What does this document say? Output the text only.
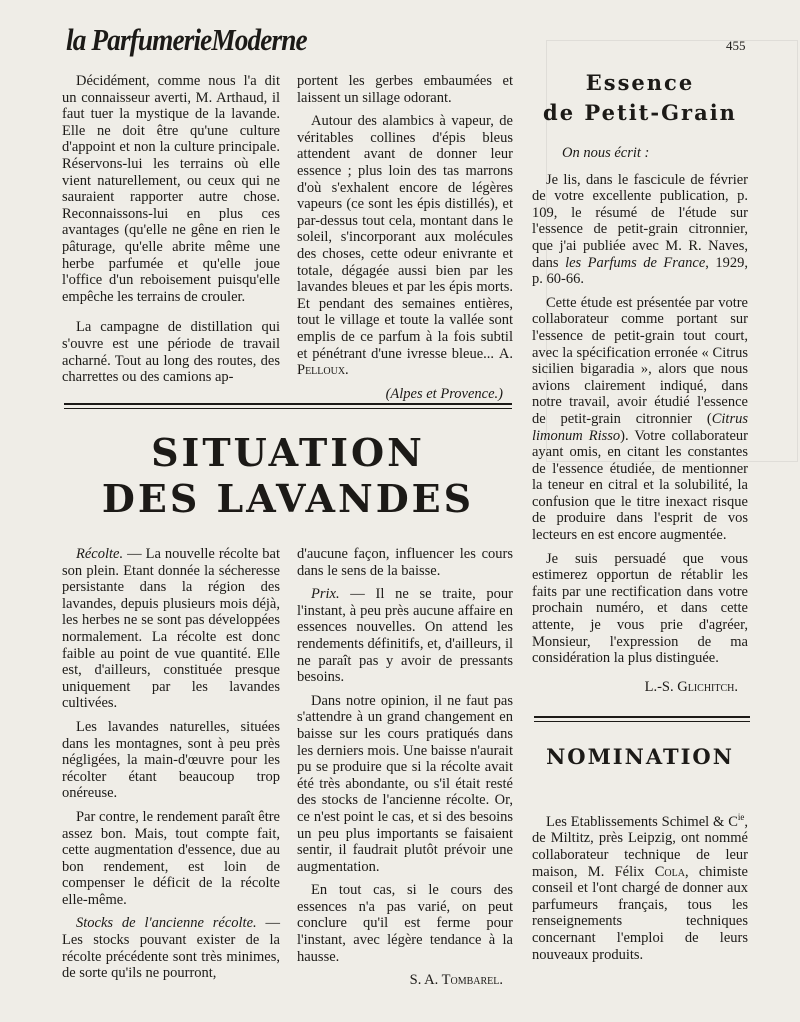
la ParfumerieModerne	455

Décidément, comme nous l'a dit un connaisseur averti, M. Arthaud, il faut tuer la mystique de la lavande. Elle ne doit être qu'une culture d'appoint et non la culture principale. Réservons-lui les terrains où elle vient naturellement, ou ceux qui ne sauraient rapporter autre chose. Reconnaissons-lui en plus ces avantages (qu'elle ne gêne en rien le pâturage, qu'elle abrite même une herbe parfumée et qu'elle joue l'office d'un reboisement puisqu'elle empêche les terrains de crouler.

La campagne de distillation qui s'ouvre est une période de travail acharné. Tout au long des routes, des charrettes ou des camions ap-

portent les gerbes embaumées et laissent un sillage odorant.

Autour des alambics à vapeur, de véritables collines d'épis bleus attendent avant de donner leur essence ; plus loin des tas marrons d'où s'exhalent encore de légères vapeurs (ce sont les épis distillés), et par-dessus tout cela, montant dans le soleil, s'incorporant aux molécules des choses, cette odeur enivrante et totale, dégagée aussi bien par les lavandes bleues et par les épis morts. Et pendant des semaines entières, tout le village et toute la vallée sont emplis de ce parfum à la fois subtil et pénétrant d'une ivresse bleue... A. Pelloux.

(Alpes et Provence.)

SITUATION
DES LAVANDES

Récolte. — La nouvelle récolte bat son plein. Etant donnée la sécheresse persistante dans la région des lavandes, depuis plusieurs mois déjà, les herbes ne se sont pas développées normalement. La récolte est donc faible au point de vue quantité. Elle est, d'ailleurs, constituée presque uniquement par les lavandes cultivées.

Les lavandes naturelles, situées dans les montagnes, sont à peu près négligées, la main-d'œuvre pour les récolter étant beaucoup trop onéreuse.

Par contre, le rendement paraît être assez bon. Mais, tout compte fait, cette augmentation d'essence, due au bon rendement, est loin de compenser le déficit de la récolte elle-même.

Stocks de l'ancienne récolte. — Les stocks pouvant exister de la récolte précédente sont très minimes, de sorte qu'ils ne pourront,

d'aucune façon, influencer les cours dans le sens de la baisse.

Prix. — Il ne se traite, pour l'instant, à peu près aucune affaire en essences nouvelles. On attend les rendements définitifs, et, d'ailleurs, il ne paraît pas y avoir de pressants besoins.

Dans notre opinion, il ne faut pas s'attendre à un grand changement en baisse sur les cours pratiqués dans les derniers mois. Une baisse n'aurait pu se produire que si la récolte avait été très abondante, ou s'il était resté des stocks de l'ancienne récolte. Or, ce n'est point le cas, et si des besoins un peu plus importants se faisaient sentir, il faudrait plutôt prévoir une augmentation.

En tout cas, si le cours des essences n'a pas varié, on peut conclure qu'il est ferme pour l'instant, avec légère tendance à la hausse.

S. A. Tombarel.

Essence
de Petit-Grain

On nous écrit :

Je lis, dans le fascicule de février de votre excellente publication, p. 109, le résumé de l'étude sur l'essence de petit-grain citronnier, que j'ai publiée avec M. R. Naves, dans les Parfums de France, 1929, p. 60-66.

Cette étude est présentée par votre collaborateur comme portant sur l'essence de petit-grain tout court, avec la spécification erronée « Citrus sicilien bigaradia », alors que nous avions clairement indiqué, dans notre travail, avoir étudié l'essence de petit-grain citronnier (Citrus limonum Risso). Votre collaborateur ayant omis, en citant les constantes de l'essence étudiée, de mentionner la teneur en citral et la solubilité, la confusion que le titre inexact risque de produire dans l'esprit de vos lecteurs en est encore augmentée.

Je suis persuadé que vous estimerez opportun de rétablir les faits par une rectification dans votre prochain numéro, et dans cette attente, je vous prie d'agréer, Monsieur, l'expression de ma considération la plus distinguée.

L.-S. Glichitch.

NOMINATION

Les Etablissements Schimel & $C^{ie}$, de Miltitz, près Leipzig, ont nommé collaborateur technique de leur maison, M. Félix Cola, chimiste conseil et l'ont chargé de donner aux parfumeurs français, tous les renseignements techniques concernant l'emploi de leurs nouveaux produits.
